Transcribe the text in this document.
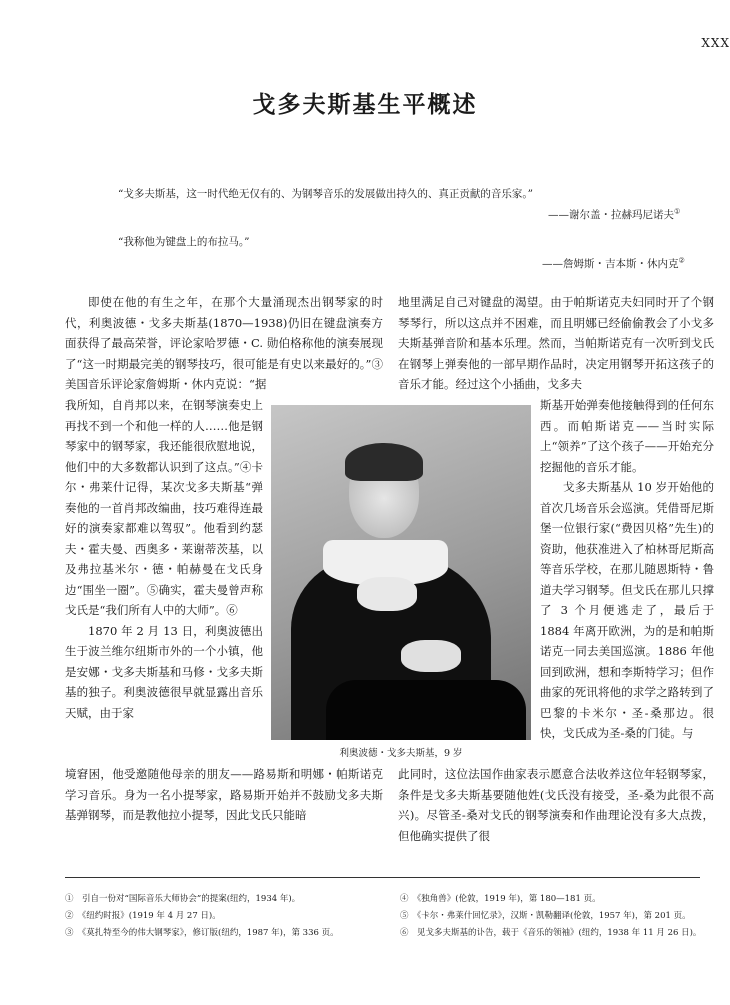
XXX
戈多夫斯基生平概述
“戈多夫斯基，这一时代绝无仅有的、为钢琴音乐的发展做出持久的、真正贡献的音乐家。”
——谢尔盖・拉赫玛尼诺夫①
“我称他为键盘上的布拉马。”
——詹姆斯・吉本斯・休内克②

即使在他的有生之年，在那个大量涌现杰出钢琴家的时代，利奥波德・戈多夫斯基(1870—1938)仍旧在键盘演奏方面获得了最高荣誉，评论家哈罗德・C. 勋伯格称他的演奏展现了“这一时期最完美的钢琴技巧，很可能是有史以来最好的。”③美国音乐评论家詹姆斯・休内克说：“据

我所知，自肖邦以来，在钢琴演奏史上再找不到一个和他一样的人……他是钢琴家中的钢琴家，我还能很欣慰地说，他们中的大多数都认识到了这点。”④卡尔・弗莱什记得，某次戈多夫斯基“弹奏他的一首肖邦改编曲，技巧难得连最好的演奏家都难以驾驭”。他看到约瑟夫・霍夫曼、西奥多・莱谢蒂茨基，以及弗拉基米尔・德・帕赫曼在戈氏身边“围坐一圈”。⑤确实，霍夫曼曾声称戈氏是“我们所有人中的大师”。⑥

1870 年 2 月 13 日，利奥波德出生于波兰维尔纽斯市外的一个小镇，他是安娜・戈多夫斯基和马修・戈多夫斯基的独子。利奥波德很早就显露出音乐天赋，由于家

境窘困，他受邀随他母亲的朋友——路易斯和明娜・帕斯诺克学习音乐。身为一名小提琴家，路易斯开始并不鼓励戈多夫斯基弹钢琴，而是教他拉小提琴，因此戈氏只能暗

地里满足自己对键盘的渴望。由于帕斯诺克夫妇同时开了个钢琴琴行，所以这点并不困难，而且明娜已经偷偷教会了小戈多夫斯基弹音阶和基本乐理。然而，当帕斯诺克有一次听到戈氏在钢琴上弹奏他的一部早期作品时，决定用钢琴开拓这孩子的音乐才能。经过这个小插曲，戈多夫

斯基开始弹奏他接触得到的任何东西。而帕斯诺克——当时实际上“领养”了这个孩子——开始充分挖掘他的音乐才能。

戈多夫斯基从 10 岁开始他的首次几场音乐会巡演。凭借哥尼斯堡一位银行家(“费因贝格”先生)的资助，他获准进入了柏林哥尼斯高等音乐学校，在那儿随恩斯特・鲁道夫学习钢琴。但戈氏在那儿只撑了 3 个月便逃走了，最后于 1884 年离开欧洲，为的是和帕斯诺克一同去美国巡演。1886 年他回到欧洲，想和李斯特学习；但作曲家的死讯将他的求学之路转到了巴黎的卡米尔・圣-桑那边。很快，戈氏成为圣-桑的门徒。与

此同时，这位法国作曲家表示愿意合法收养这位年轻钢琴家，条件是戈多夫斯基要随他姓(戈氏没有接受，圣-桑为此很不高兴)。尽管圣-桑对戈氏的钢琴演奏和作曲理论没有多大点拨，但他确实提供了很

利奥波德・戈多夫斯基，9 岁
①　引自一份对“国际音乐大师协会”的提案(纽约，1934 年)。
②　《纽约时报》(1919 年 4 月 27 日)。
③　《莫扎特至今的伟大钢琴家》，修订版(纽约，1987 年)，第 336 页。
④　《独角兽》(伦敦，1919 年)，第 180—181 页。
⑤　《卡尔・弗莱什回忆录》，汉斯・凯勒翻译(伦敦，1957 年)，第 201 页。
⑥　见戈多夫斯基的讣告，载于《音乐的领袖》(纽约，1938 年 11 月 26 日)。
